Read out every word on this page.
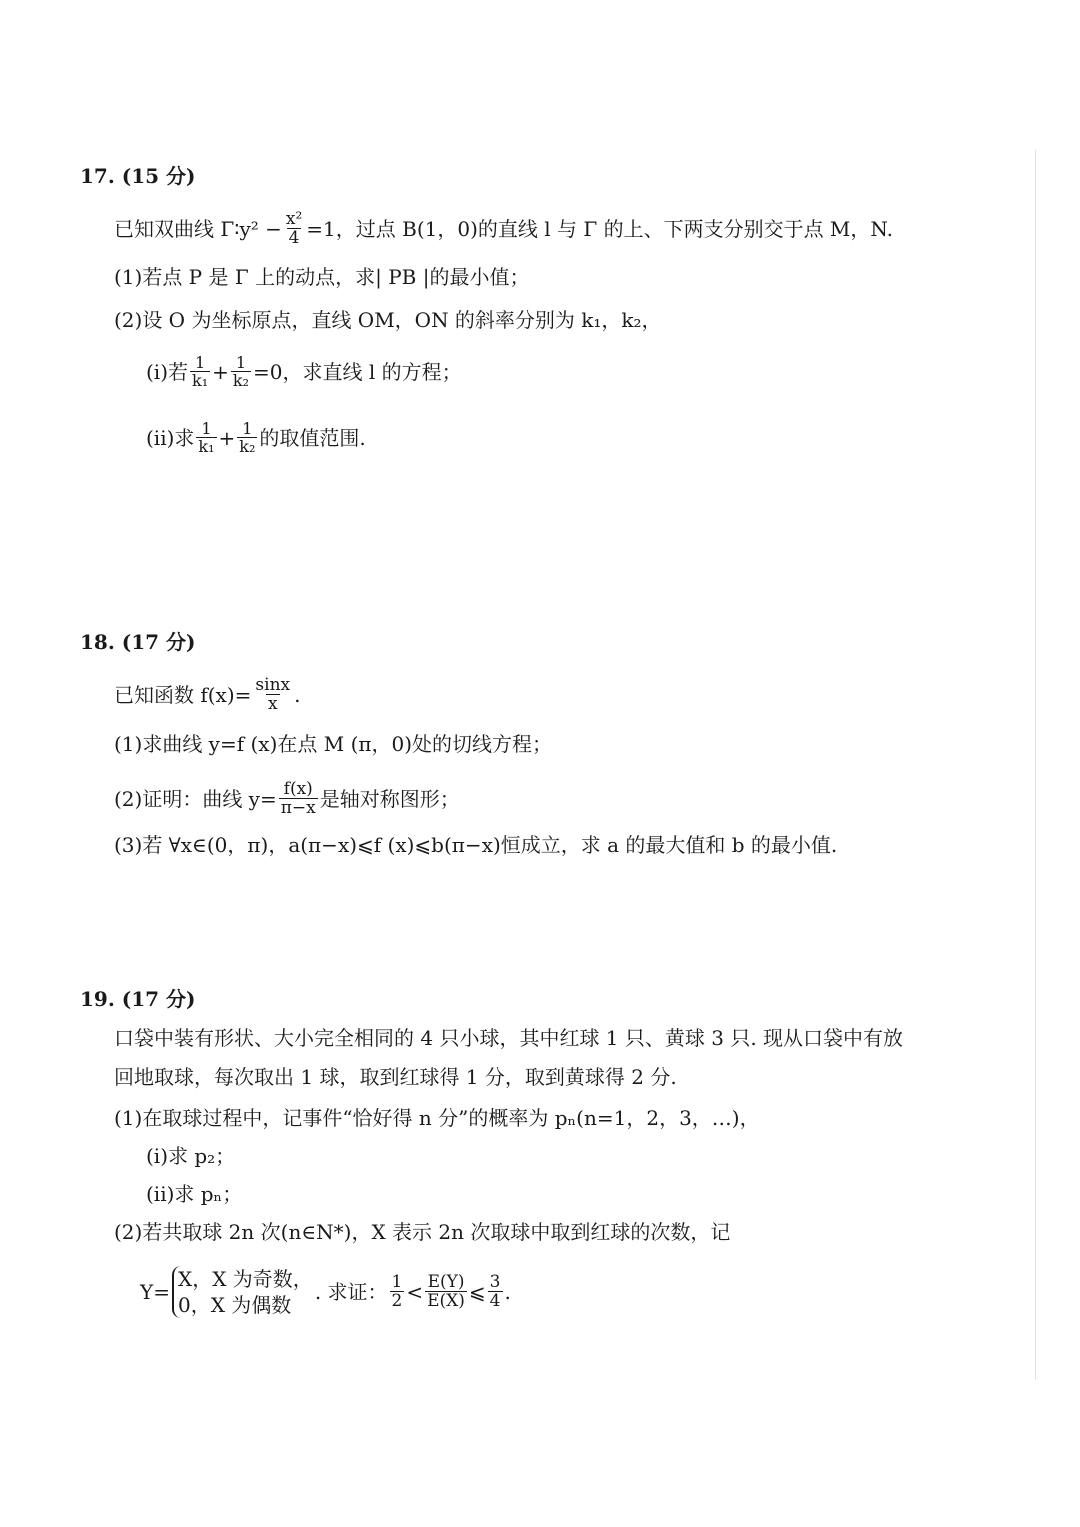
17. (15 分)
已知双曲线 Γ∶y² − $\frac{\text{x²}}{4} =1$，过点 B(1，0)的直线 l 与 Γ 的上、下两支分别交于点 M，N.
(1)若点 P 是 Γ 上的动点，求| PB |的最小值；
(2)设 O 为坐标原点，直线 OM，ON 的斜率分别为 k₁，k₂，
(i)若 $\frac{1}{\text{k₁}} + \frac{1}{\text{k₂}} =0$，求直线 l 的方程；
(ii)求 $\frac{1}{\text{k₁}} + \frac{1}{\text{k₂}}$ 的取值范围.
18. (17 分)
已知函数 $f(x)= \frac{\sin x}{x}$ .
(1)求曲线 y=f (x)在点 M (π，0)处的切线方程；
(2)证明：曲线 $y= \frac{f(x)}{\pi-x}$ 是轴对称图形；
(3)若 ∀x∈(0，π)，a(π−x)⩽f (x)⩽b(π−x)恒成立，求 a 的最大值和 b 的最小值.
19. (17 分)
口袋中装有形状、大小完全相同的 4 只小球，其中红球 1 只、黄球 3 只. 现从口袋中有放
回地取球，每次取出 1 球，取到红球得 1 分，取到黄球得 2 分.
(1)在取球过程中，记事件“恰好得 n 分”的概率为 pₙ(n=1，2，3，…)，
(i)求 p₂；
(ii)求 pₙ；
(2)若共取球 2n 次(n∈N*)，X 表示 2n 次取球中取到红球的次数，记
Y=
X，X 为奇数，
0，X 为偶数
. 求证： $\frac{1}{2} < \frac{E(Y)}{E(X)}$ ⩽ $\frac{3}{4}$ .
